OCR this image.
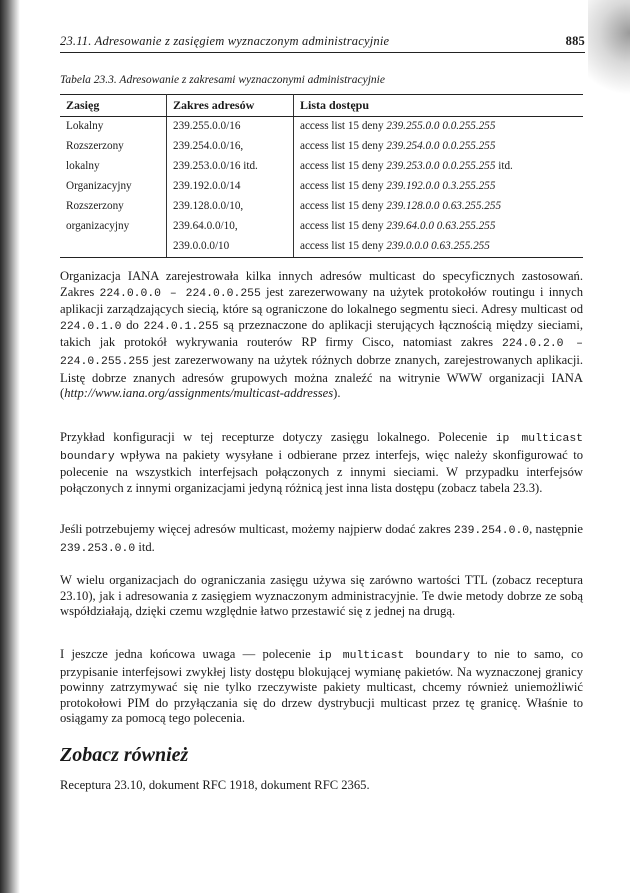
23.11. Adresowanie z zasięgiem wyznaczonym administracyjnie	885
Tabela 23.3. Adresowanie z zakresami wyznaczonymi administracyjnie
Zasięg	Zakres adresów	Lista dostępu
Lokalny	239.255.0.0/16	access list 15 deny 239.255.0.0 0.0.255.255
Rozszerzony	239.254.0.0/16,	access list 15 deny 239.254.0.0 0.0.255.255
lokalny	239.253.0.0/16 itd.	access list 15 deny 239.253.0.0 0.0.255.255 itd.
Organizacyjny	239.192.0.0/14	access list 15 deny 239.192.0.0 0.3.255.255
Rozszerzony	239.128.0.0/10,	access list 15 deny 239.128.0.0 0.63.255.255
organizacyjny	239.64.0.0/10,	access list 15 deny 239.64.0.0 0.63.255.255
	239.0.0.0/10	access list 15 deny 239.0.0.0 0.63.255.255
Organizacja IANA zarejestrowała kilka innych adresów multicast do specyficznych zastosowań. Zakres 224.0.0.0 – 224.0.0.255 jest zarezerwowany na użytek protokołów routingu i innych aplikacji zarządzających siecią, które są ograniczone do lokalnego segmentu sieci. Adresy multicast od 224.0.1.0 do 224.0.1.255 są przeznaczone do aplikacji sterujących łącznością między sieciami, takich jak protokół wykrywania routerów RP firmy Cisco, natomiast zakres 224.0.2.0 – 224.0.255.255 jest zarezerwowany na użytek różnych dobrze znanych, zarejestrowanych aplikacji. Listę dobrze znanych adresów grupowych można znaleźć na witrynie WWW organizacji IANA (http://www.iana.org/assignments/multicast-addresses).
Przykład konfiguracji w tej recepturze dotyczy zasięgu lokalnego. Polecenie ip multicast boundary wpływa na pakiety wysyłane i odbierane przez interfejs, więc należy skonfigurować to polecenie na wszystkich interfejsach połączonych z innymi sieciami. W przypadku interfejsów połączonych z innymi organizacjami jedyną różnicą jest inna lista dostępu (zobacz tabela 23.3).
Jeśli potrzebujemy więcej adresów multicast, możemy najpierw dodać zakres 239.254.0.0, następnie 239.253.0.0 itd.
W wielu organizacjach do ograniczania zasięgu używa się zarówno wartości TTL (zobacz receptura 23.10), jak i adresowania z zasięgiem wyznaczonym administracyjnie. Te dwie metody dobrze ze sobą współdziałają, dzięki czemu względnie łatwo przestawić się z jednej na drugą.
I jeszcze jedna końcowa uwaga — polecenie ip multicast boundary to nie to samo, co przypisanie interfejsowi zwykłej listy dostępu blokującej wymianę pakietów. Na wyznaczonej granicy powinny zatrzymywać się nie tylko rzeczywiste pakiety multicast, chcemy również uniemożliwić protokołowi PIM do przyłączania się do drzew dystrybucji multicast przez tę granicę. Właśnie to osiągamy za pomocą tego polecenia.
Zobacz również
Receptura 23.10, dokument RFC 1918, dokument RFC 2365.
